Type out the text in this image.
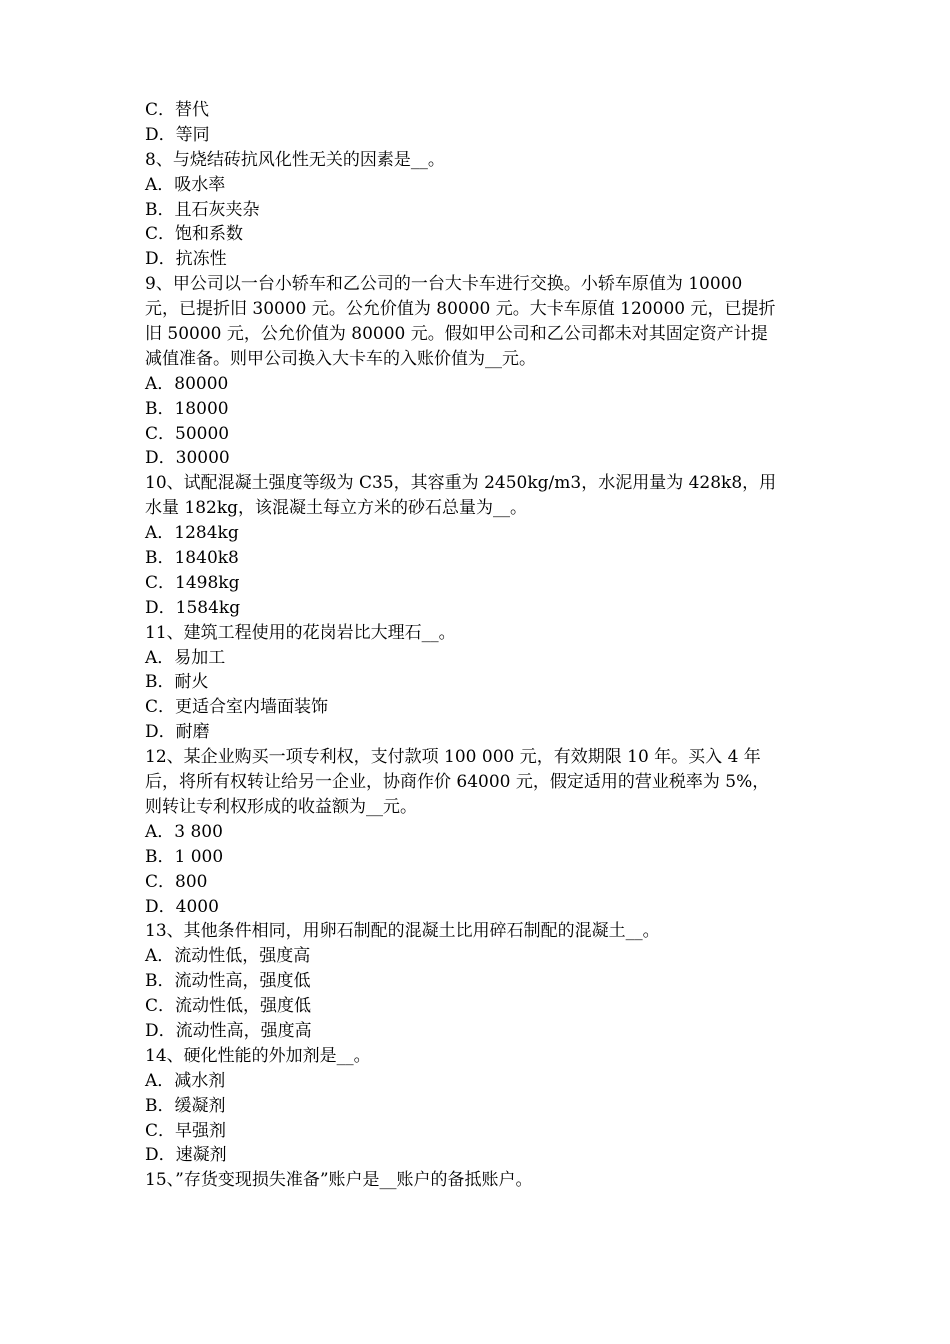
C．替代
D．等同
8、与烧结砖抗风化性无关的因素是__。
A．吸水率
B．且石灰夹杂
C．饱和系数
D．抗冻性
9、甲公司以一台小轿车和乙公司的一台大卡车进行交换。小轿车原值为 10000
元，已提折旧 30000 元。公允价值为 80000 元。大卡车原值 120000 元，已提折
旧 50000 元，公允价值为 80000 元。假如甲公司和乙公司都未对其固定资产计提
减值准备。则甲公司换入大卡车的入账价值为__元。
A．80000
B．18000
C．50000
D．30000
10、试配混凝土强度等级为 C35，其容重为 2450kg/m3，水泥用量为 428k8，用
水量 182kg，该混凝土每立方米的砂石总量为__。
A．1284kg
B．1840k8
C．1498kg
D．1584kg
11、建筑工程使用的花岗岩比大理石__。
A．易加工
B．耐火
C．更适合室内墙面装饰
D．耐磨
12、某企业购买一项专利权，支付款项 100 000 元，有效期限 10 年。买入 4 年
后，将所有权转让给另一企业，协商作价 64000 元，假定适用的营业税率为 5%，
则转让专利权形成的收益额为__元。
A．3 800
B．1 000
C．800
D．4000
13、其他条件相同，用卵石制配的混凝土比用碎石制配的混凝土__。
A．流动性低，强度高
B．流动性高，强度低
C．流动性低，强度低
D．流动性高，强度高
14、硬化性能的外加剂是__。
A．减水剂
B．缓凝剂
C．早强剂
D．速凝剂
15、”存货变现损失准备”账户是__账户的备抵账户。
